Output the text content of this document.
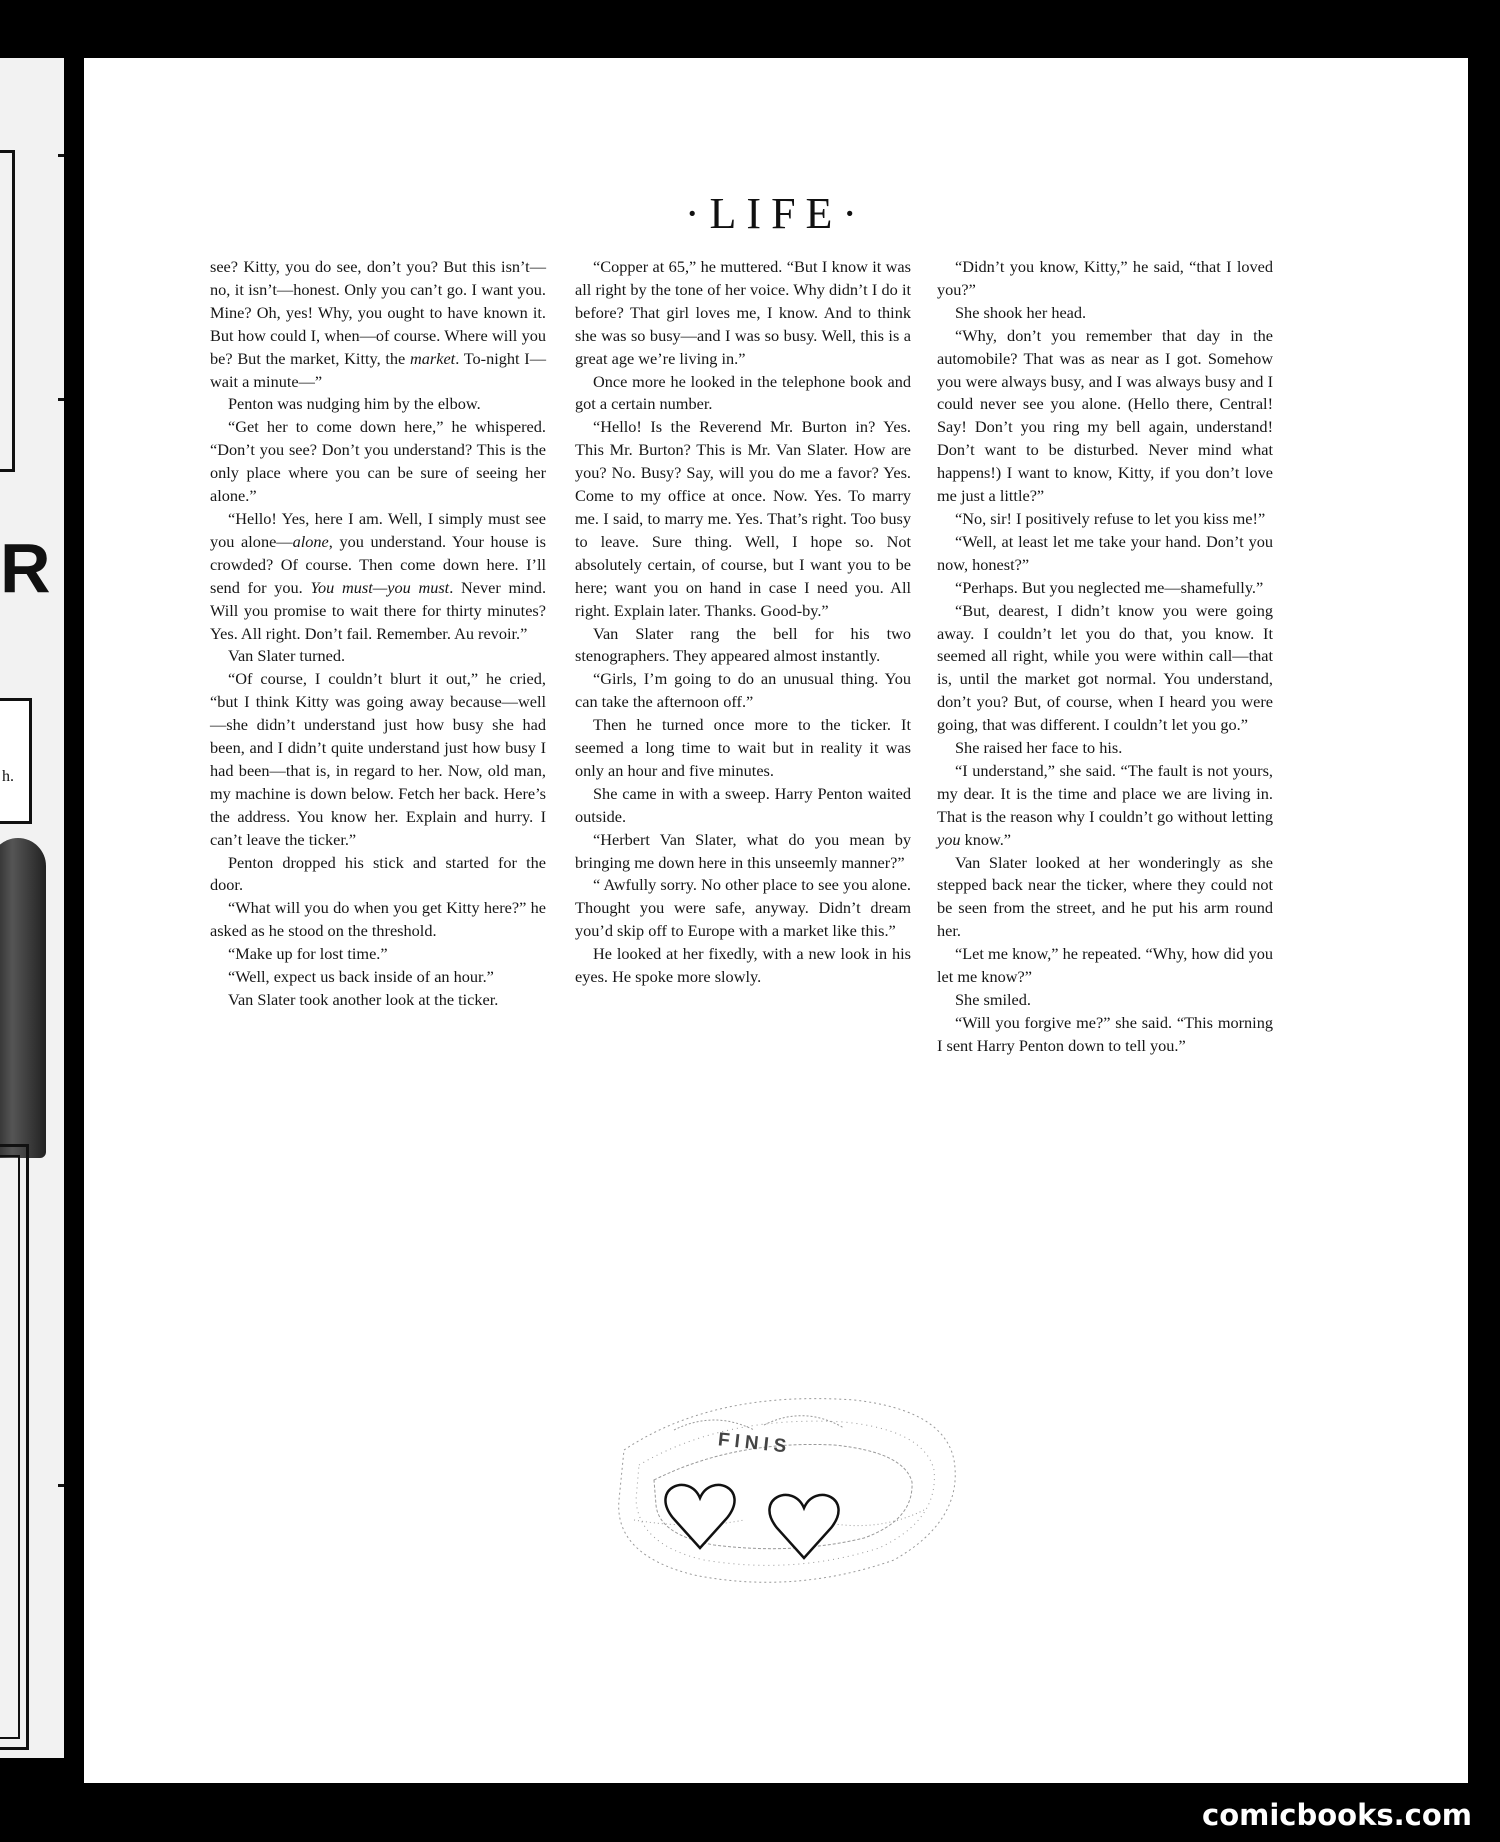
R
h.
·LIFE·

see? Kitty, you do see, don’t you? But this isn’t—no, it isn’t—honest. Only you can’t go. I want you. Mine? Oh, yes! Why, you ought to have known it. But how could I, when—of course. Where will you be? But the market, Kitty, the market. To-night I—wait a minute—”

Penton was nudging him by the elbow.

“Get her to come down here,” he whispered. “Don’t you see? Don’t you understand? This is the only place where you can be sure of seeing her alone.”

“Hello! Yes, here I am. Well, I simply must see you alone—alone, you understand. Your house is crowded? Of course. Then come down here. I’ll send for you. You must—you must. Never mind. Will you promise to wait there for thirty minutes? Yes. All right. Don’t fail. Remember. Au revoir.”

Van Slater turned.

“Of course, I couldn’t blurt it out,” he cried, “but I think Kitty was going away because—well—she didn’t understand just how busy she had been, and I didn’t quite understand just how busy I had been—that is, in regard to her. Now, old man, my machine is down below. Fetch her back. Here’s the address. You know her. Explain and hurry. I can’t leave the ticker.”

Penton dropped his stick and started for the door.

“What will you do when you get Kitty here?” he asked as he stood on the threshold.

“Make up for lost time.”

“Well, expect us back inside of an hour.”

Van Slater took another look at the ticker.

“Copper at 65,” he muttered. “But I know it was all right by the tone of her voice. Why didn’t I do it before? That girl loves me, I know. And to think she was so busy—and I was so busy. Well, this is a great age we’re living in.”

Once more he looked in the telephone book and got a certain number.

“Hello! Is the Reverend Mr. Burton in? Yes. This Mr. Burton? This is Mr. Van Slater. How are you? No. Busy? Say, will you do me a favor? Yes. Come to my office at once. Now. Yes. To marry me. I said, to marry me. Yes. That’s right. Too busy to leave. Sure thing. Well, I hope so. Not absolutely certain, of course, but I want you to be here; want you on hand in case I need you. All right. Explain later. Thanks. Good-by.”

Van Slater rang the bell for his two stenographers. They appeared almost instantly.

“Girls, I’m going to do an unusual thing. You can take the afternoon off.”

Then he turned once more to the ticker. It seemed a long time to wait but in reality it was only an hour and five minutes.

She came in with a sweep. Harry Penton waited outside.

“Herbert Van Slater, what do you mean by bringing me down here in this unseemly manner?”

“ Awfully sorry. No other place to see you alone. Thought you were safe, anyway. Didn’t dream you’d skip off to Europe with a market like this.”

He looked at her fixedly, with a new look in his eyes. He spoke more slowly.

“Didn’t you know, Kitty,” he said, “that I loved you?”

She shook her head.

“Why, don’t you remember that day in the automobile? That was as near as I got. Somehow you were always busy, and I was always busy and I could never see you alone. (Hello there, Central! Say! Don’t you ring my bell again, understand! Don’t want to be disturbed. Never mind what happens!) I want to know, Kitty, if you don’t love me just a little?”

“No, sir! I positively refuse to let you kiss me!”

“Well, at least let me take your hand. Don’t you now, honest?”

“Perhaps. But you neglected me—shamefully.”

“But, dearest, I didn’t know you were going away. I couldn’t let you do that, you know. It seemed all right, while you were within call—that is, until the market got normal. You understand, don’t you? But, of course, when I heard you were going, that was different. I couldn’t let you go.”

She raised her face to his.

“I understand,” she said. “The fault is not yours, my dear. It is the time and place we are living in. That is the reason why I couldn’t go without letting you know.”

Van Slater looked at her wonderingly as she stepped back near the ticker, where they could not be seen from the street, and he put his arm round her.

“Let me know,” he repeated. “Why, how did you let me know?”

She smiled.

“Will you forgive me?” she said. “This morning I sent Harry Penton down to tell you.”

FINIS
comicbooks.com
